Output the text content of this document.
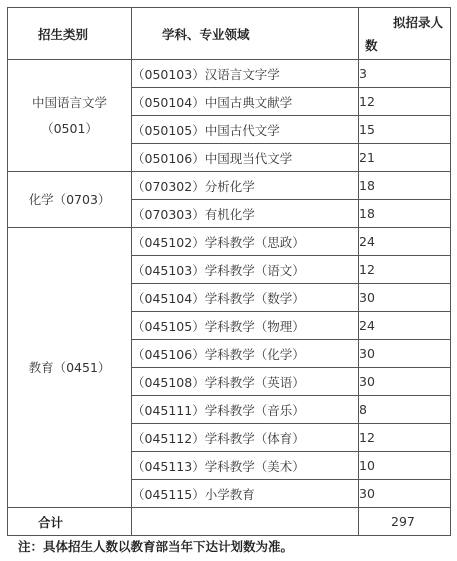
招生类别	学科、专业领域	拟招录人
数

中国语言文学
（0501）	（050103）汉语言文字学	3
	（050104）中国古典文献学	12
	（050105）中国古代文学	15
	（050106）中国现当代文学	21

化学（0703）	（070302）分析化学	18
	（070303）有机化学	18

教育（0451）	（045102）学科教学（思政）	24
	（045103）学科教学（语文）	12
	（045104）学科教学（数学）	30
	（045105）学科教学（物理）	24
	（045106）学科教学（化学）	30
	（045108）学科教学（英语）	30
	（045111）学科教学（音乐）	8
	（045112）学科教学（体育）	12
	（045113）学科教学（美术）	10
	（045115）小学教育	30
合计		297
注：具体招生人数以教育部当年下达计划数为准。
